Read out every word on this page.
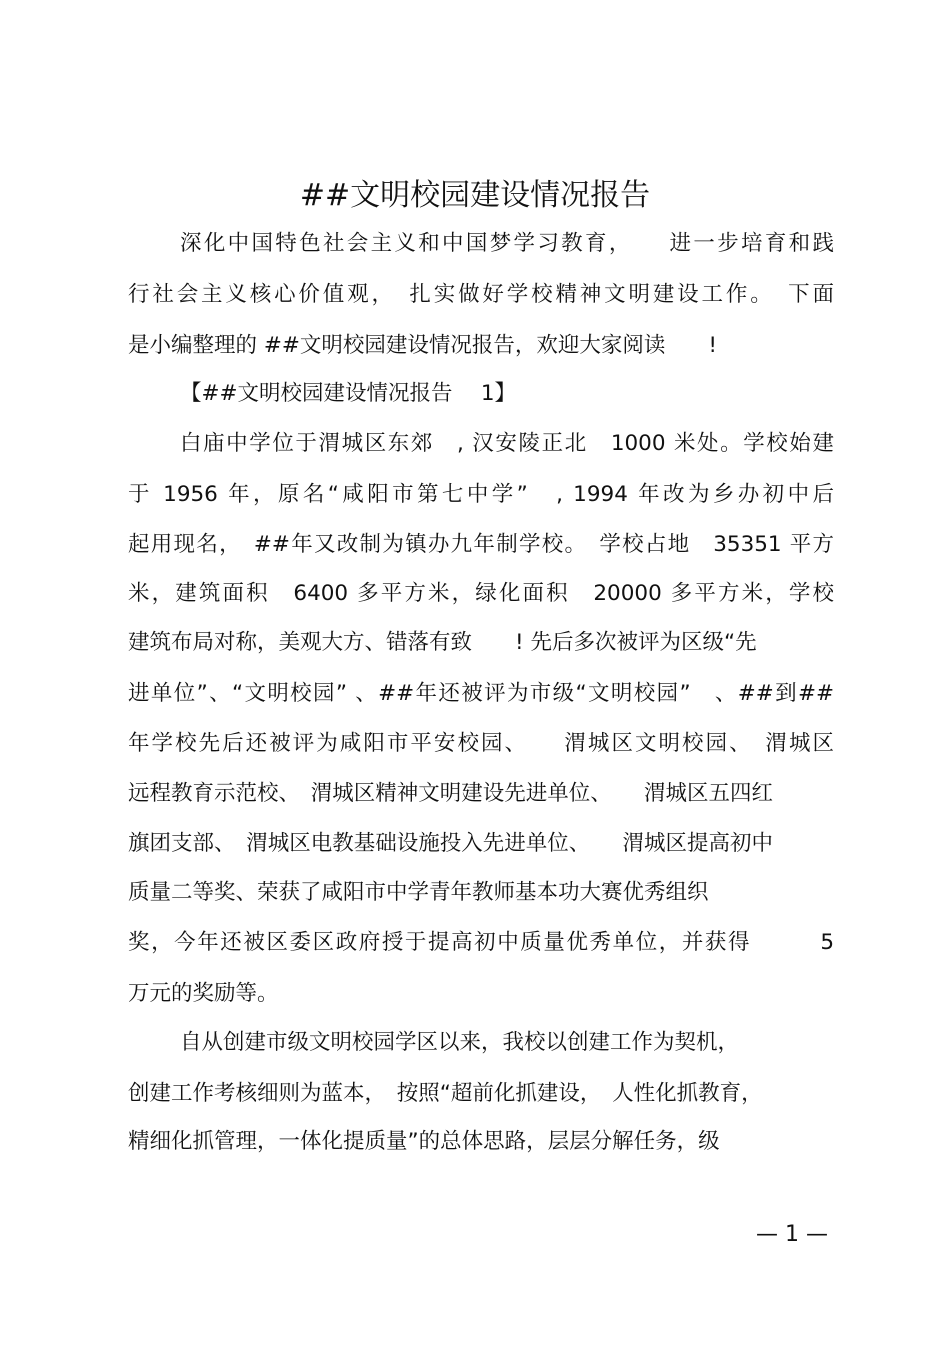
##文明校园建设情况报告
深化中国特色社会主义和中国梦学习教育，　　进一步培育和践
行社会主义核心价值观，　扎实做好学校精神文明建设工作。　下面
是小编整理的 ##文明校园建设情况报告，欢迎大家阅读　　!
【##文明校园建设情况报告　 1】
白庙中学位于渭城区东郊　, 汉安陵正北　1000 米处。学校始建
于 1956 年，原名“咸阳市第七中学”　, 1994 年改为乡办初中后
起用现名，　##年又改制为镇办九年制学校。　学校占地　35351 平方
米，建筑面积　6400 多平方米，绿化面积　20000 多平方米，学校
建筑布局对称，美观大方、错落有致　　! 先后多次被评为区级“先
进单位”、“文明校园” 、##年还被评为市级“文明校园”　、##到##
年学校先后还被评为咸阳市平安校园、　　渭城区文明校园、　渭城区
远程教育示范校、　渭城区精神文明建设先进单位、　　渭城区五四红
旗团支部、　渭城区电教基础设施投入先进单位、　　渭城区提高初中
质量二等奖、荣获了咸阳市中学青年教师基本功大赛优秀组织
奖，今年还被区委区政府授于提高初中质量优秀单位，并获得　　　5
万元的奖励等。
自从创建市级文明校园学区以来，我校以创建工作为契机，
创建工作考核细则为蓝本，　按照“超前化抓建设，　人性化抓教育，
精细化抓管理，一体化提质量”的总体思路，层层分解任务，级
— 1 —
